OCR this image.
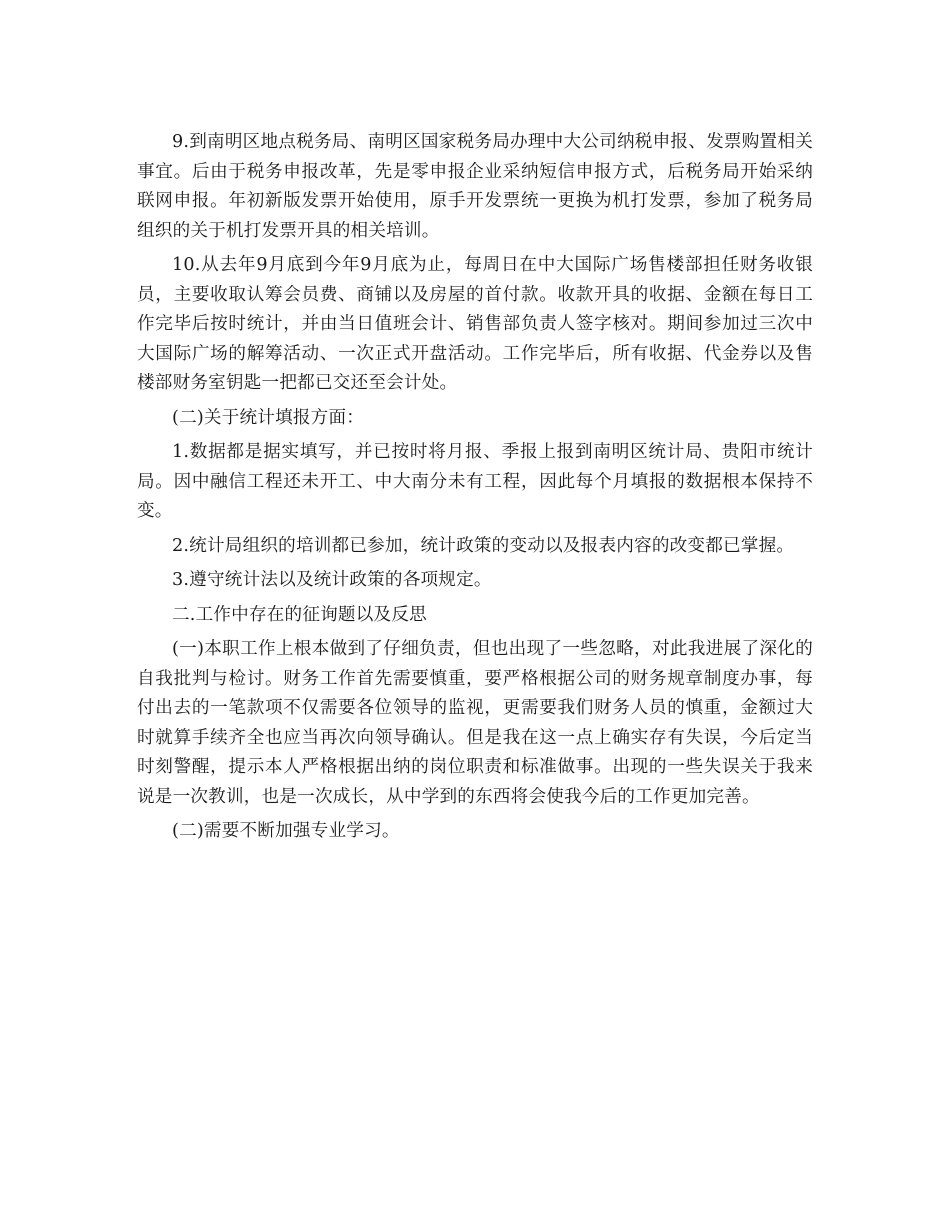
9.到南明区地点税务局、南明区国家税务局办理中大公司纳税申报、发票购置相关事宜。后由于税务申报改革，先是零申报企业采纳短信申报方式，后税务局开始采纳联网申报。年初新版发票开始使用，原手开发票统一更换为机打发票，参加了税务局组织的关于机打发票开具的相关培训。

10.从去年9月底到今年9月底为止，每周日在中大国际广场售楼部担任财务收银员，主要收取认筹会员费、商铺以及房屋的首付款。收款开具的收据、金额在每日工作完毕后按时统计，并由当日值班会计、销售部负责人签字核对。期间参加过三次中大国际广场的解筹活动、一次正式开盘活动。工作完毕后，所有收据、代金券以及售楼部财务室钥匙一把都已交还至会计处。

(二)关于统计填报方面：

1.数据都是据实填写，并已按时将月报、季报上报到南明区统计局、贵阳市统计局。因中融信工程还未开工、中大南分未有工程，因此每个月填报的数据根本保持不变。

2.统计局组织的培训都已参加，统计政策的变动以及报表内容的改变都已掌握。

3.遵守统计法以及统计政策的各项规定。

二.工作中存在的征询题以及反思

(一)本职工作上根本做到了仔细负责，但也出现了一些忽略，对此我进展了深化的自我批判与检讨。财务工作首先需要慎重，要严格根据公司的财务规章制度办事，每付出去的一笔款项不仅需要各位领导的监视，更需要我们财务人员的慎重，金额过大时就算手续齐全也应当再次向领导确认。但是我在这一点上确实存有失误，今后定当时刻警醒，提示本人严格根据出纳的岗位职责和标准做事。出现的一些失误关于我来说是一次教训，也是一次成长，从中学到的东西将会使我今后的工作更加完善。

(二)需要不断加强专业学习。
